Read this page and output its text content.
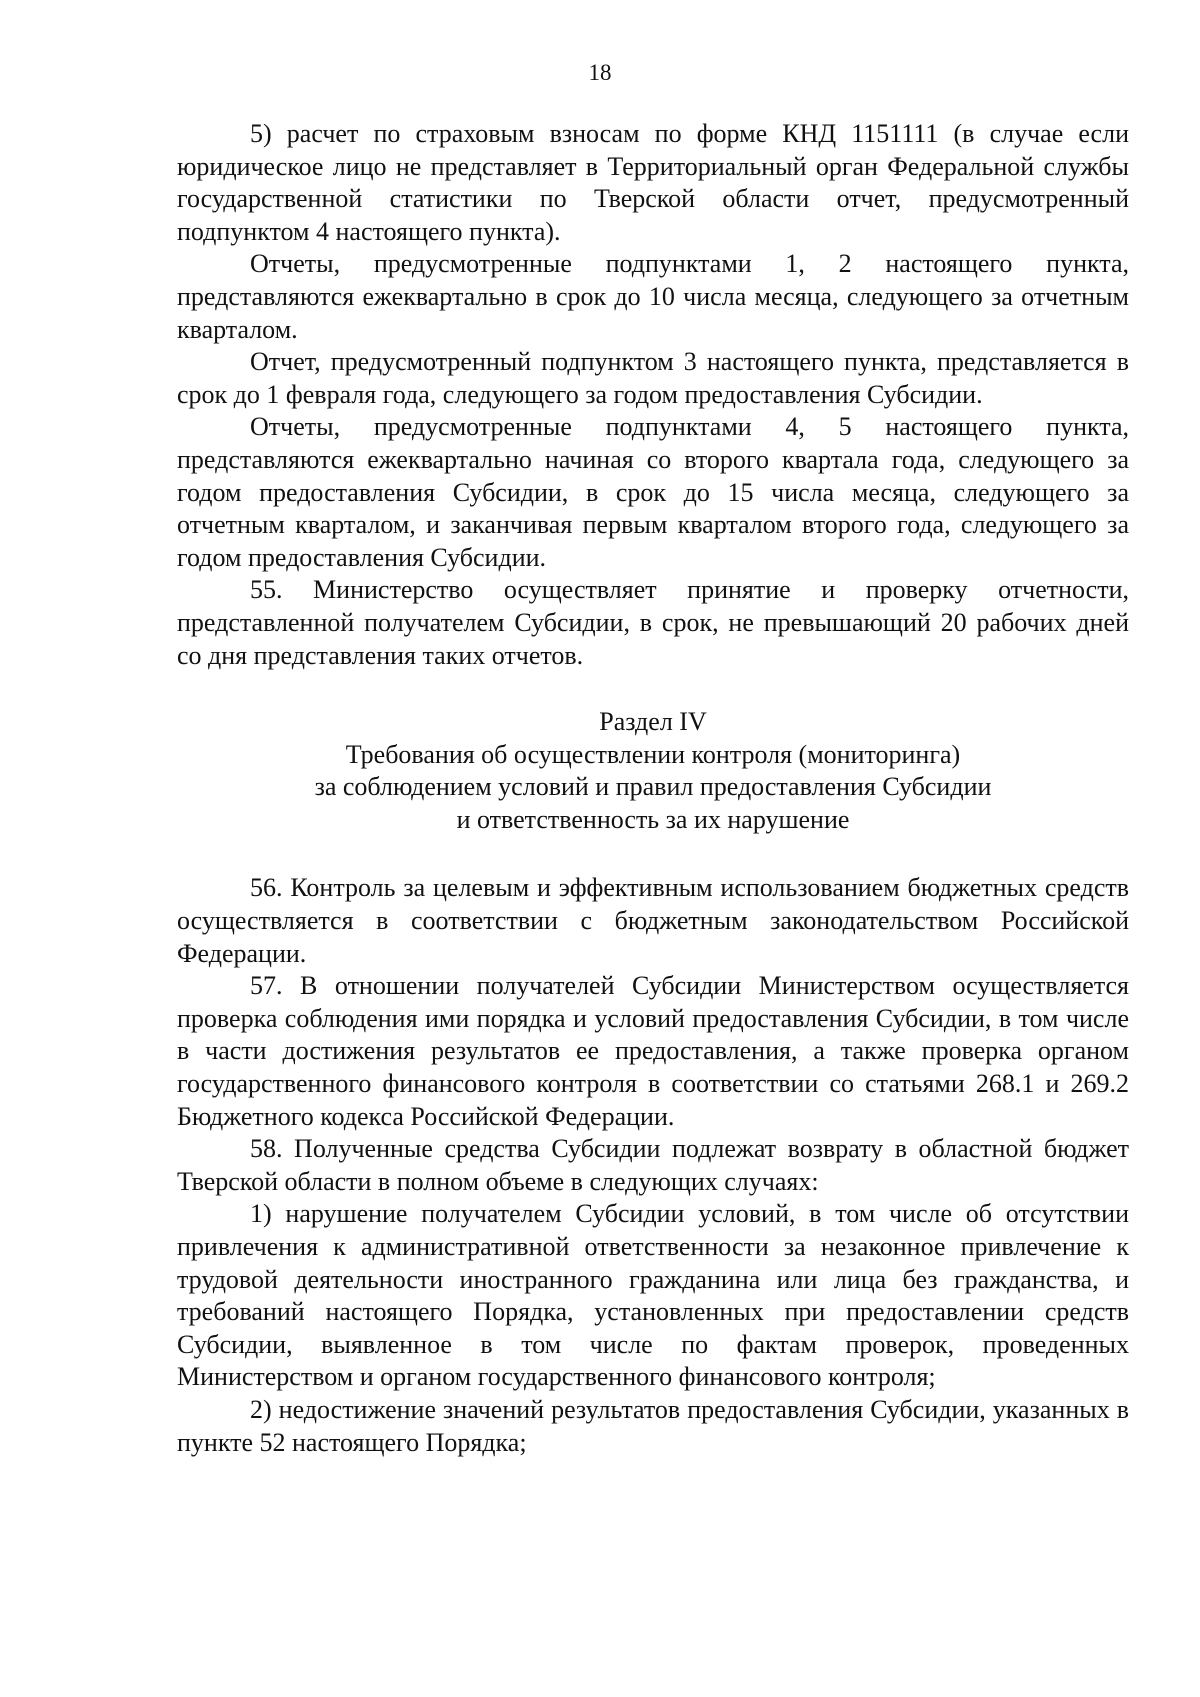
18

5) расчет по страховым взносам по форме КНД 1151111 (в случае если юридическое лицо не представляет в Территориальный орган Федеральной службы государственной статистики по Тверской области отчет, предусмотренный подпунктом 4 настоящего пункта).

Отчеты, предусмотренные подпунктами 1, 2 настоящего пункта, представляются ежеквартально в срок до 10 числа месяца, следующего за отчетным кварталом.

Отчет, предусмотренный подпунктом 3 настоящего пункта, представляется в срок до 1 февраля года, следующего за годом предоставления Субсидии.

Отчеты, предусмотренные подпунктами 4, 5 настоящего пункта, представляются ежеквартально начиная со второго квартала года, следующего за годом предоставления Субсидии, в срок до 15 числа месяца, следующего за отчетным кварталом, и заканчивая первым кварталом второго года, следующего за годом предоставления Субсидии.

55. Министерство осуществляет принятие и проверку отчетности, представленной получателем Субсидии, в срок, не превышающий 20 рабочих дней со дня представления таких отчетов.

Раздел IV
Требования об осуществлении контроля (мониторинга)
за соблюдением условий и правил предоставления Субсидии
и ответственность за их нарушение

56. Контроль за целевым и эффективным использованием бюджетных средств осуществляется в соответствии с бюджетным законодательством Российской Федерации.

57. В отношении получателей Субсидии Министерством осуществляется проверка соблюдения ими порядка и условий предоставления Субсидии, в том числе в части достижения результатов ее предоставления, а также проверка органом государственного финансового контроля в соответствии со статьями 268.1 и 269.2 Бюджетного кодекса Российской Федерации.

58. Полученные средства Субсидии подлежат возврату в областной бюджет Тверской области в полном объеме в следующих случаях:

1) нарушение получателем Субсидии условий, в том числе об отсутствии привлечения к административной ответственности за незаконное привлечение к трудовой деятельности иностранного гражданина или лица без гражданства, и требований настоящего Порядка, установленных при предоставлении средств Субсидии, выявленное в том числе по фактам проверок, проведенных Министерством и органом государственного финансового контроля;

2) недостижение значений результатов предоставления Субсидии, указанных в пункте 52 настоящего Порядка;
